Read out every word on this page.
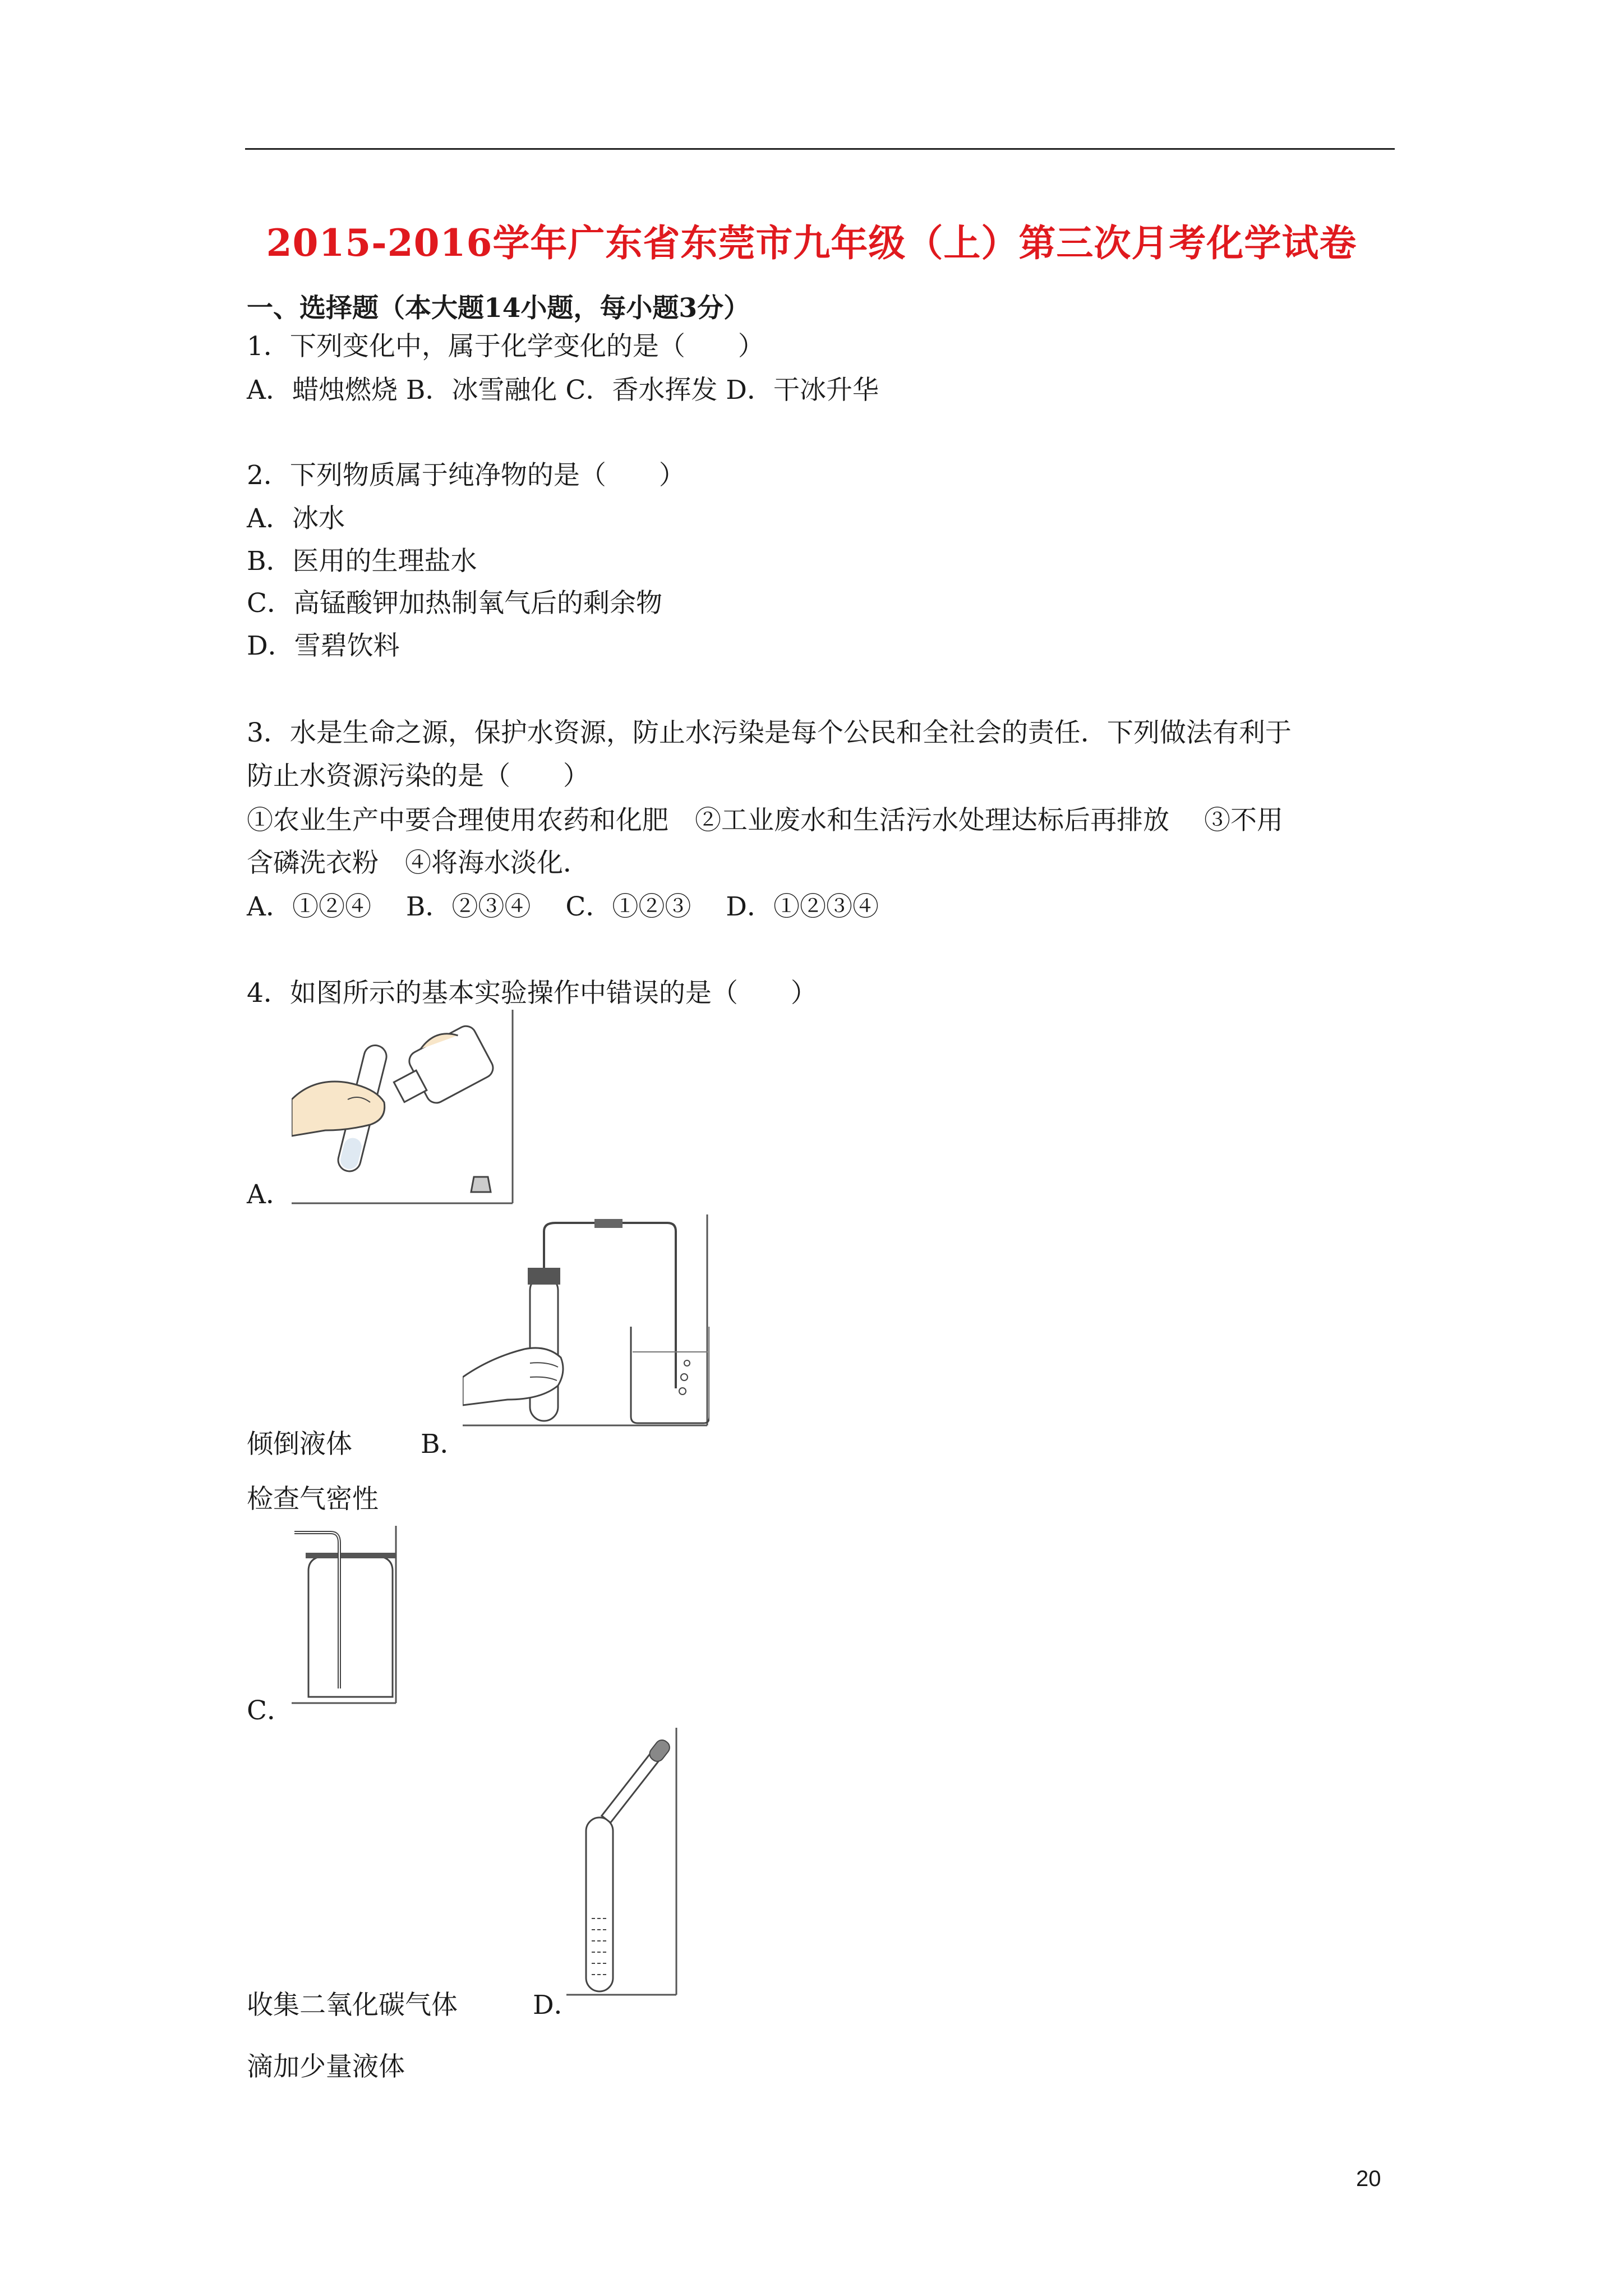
2015-2016学年广东省东莞市九年级（上）第三次月考化学试卷
一、选择题（本大题14小题，每小题3分）
1．下列变化中，属于化学变化的是（　　）
A．蜡烛燃烧 B．冰雪融化 C．香水挥发 D．干冰升华
2．下列物质属于纯净物的是（　　）
A．冰水
B．医用的生理盐水
C．高锰酸钾加热制氧气后的剩余物
D．雪碧饮料
3．水是生命之源，保护水资源，防止水污染是每个公民和全社会的责任．下列做法有利于
防止水资源污染的是（　　）
①农业生产中要合理使用农药和化肥　②工业废水和生活污水处理达标后再排放　 ③不用
含磷洗衣粉　④将海水淡化．
A．①②④　 B．②③④　 C．①②③　 D．①②③④
4．如图所示的基本实验操作中错误的是（　　）
A．
倾倒液体	B．
检查气密性
C．
收集二氧化碳气体	D．
滴加少量液体
20
